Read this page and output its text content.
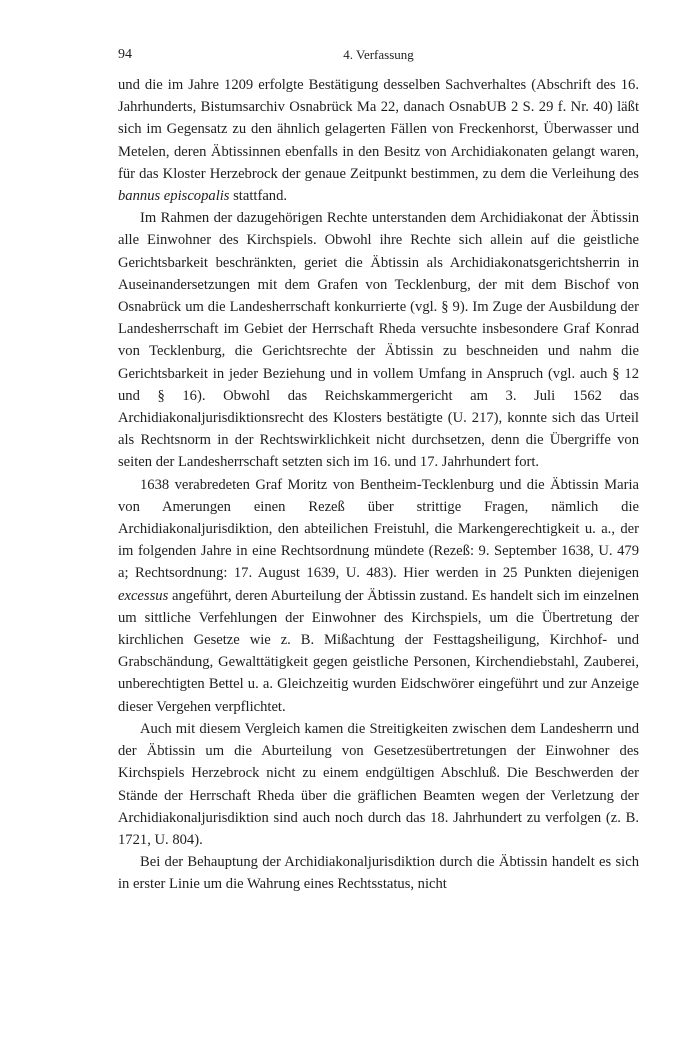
94	4. Verfassung

und die im Jahre 1209 erfolgte Bestätigung desselben Sachverhaltes (Abschrift des 16. Jahrhunderts, Bistumsarchiv Osnabrück Ma 22, danach OsnabUB 2 S. 29 f. Nr. 40) läßt sich im Gegensatz zu den ähnlich gelagerten Fällen von Freckenhorst, Überwasser und Metelen, deren Äbtissinnen ebenfalls in den Besitz von Archidiakonaten gelangt waren, für das Kloster Herzebrock der genaue Zeitpunkt bestimmen, zu dem die Verleihung des bannus episcopalis stattfand.

Im Rahmen der dazugehörigen Rechte unterstanden dem Archidiakonat der Äbtissin alle Einwohner des Kirchspiels. Obwohl ihre Rechte sich allein auf die geistliche Gerichtsbarkeit beschränkten, geriet die Äbtissin als Archidiakonatsgerichtsherrin in Auseinandersetzungen mit dem Grafen von Tecklenburg, der mit dem Bischof von Osnabrück um die Landesherrschaft konkurrierte (vgl. § 9). Im Zuge der Ausbildung der Landesherrschaft im Gebiet der Herrschaft Rheda versuchte insbesondere Graf Konrad von Tecklenburg, die Gerichtsrechte der Äbtissin zu beschneiden und nahm die Gerichtsbarkeit in jeder Beziehung und in vollem Umfang in Anspruch (vgl. auch § 12 und § 16). Obwohl das Reichskammergericht am 3. Juli 1562 das Archidiakonaljurisdiktionsrecht des Klosters bestätigte (U. 217), konnte sich das Urteil als Rechtsnorm in der Rechtswirklichkeit nicht durchsetzen, denn die Übergriffe von seiten der Landesherrschaft setzten sich im 16. und 17. Jahrhundert fort.

1638 verabredeten Graf Moritz von Bentheim-Tecklenburg und die Äbtissin Maria von Amerungen einen Rezeß über strittige Fragen, nämlich die Archidiakonaljurisdiktion, den abteilichen Freistuhl, die Markengerechtigkeit u. a., der im folgenden Jahre in eine Rechtsordnung mündete (Rezeß: 9. September 1638, U. 479 a; Rechtsordnung: 17. August 1639, U. 483). Hier werden in 25 Punkten diejenigen excessus angeführt, deren Aburteilung der Äbtissin zustand. Es handelt sich im einzelnen um sittliche Verfehlungen der Einwohner des Kirchspiels, um die Übertretung der kirchlichen Gesetze wie z. B. Mißachtung der Festtagsheiligung, Kirchhof- und Grabschändung, Gewalttätigkeit gegen geistliche Personen, Kirchendiebstahl, Zauberei, unberechtigten Bettel u. a. Gleichzeitig wurden Eidschwörer eingeführt und zur Anzeige dieser Vergehen verpflichtet.

Auch mit diesem Vergleich kamen die Streitigkeiten zwischen dem Landesherrn und der Äbtissin um die Aburteilung von Gesetzesübertretungen der Einwohner des Kirchspiels Herzebrock nicht zu einem endgültigen Abschluß. Die Beschwerden der Stände der Herrschaft Rheda über die gräflichen Beamten wegen der Verletzung der Archidiakonaljurisdiktion sind auch noch durch das 18. Jahrhundert zu verfolgen (z. B. 1721, U. 804).

Bei der Behauptung der Archidiakonaljurisdiktion durch die Äbtissin handelt es sich in erster Linie um die Wahrung eines Rechtsstatus, nicht
